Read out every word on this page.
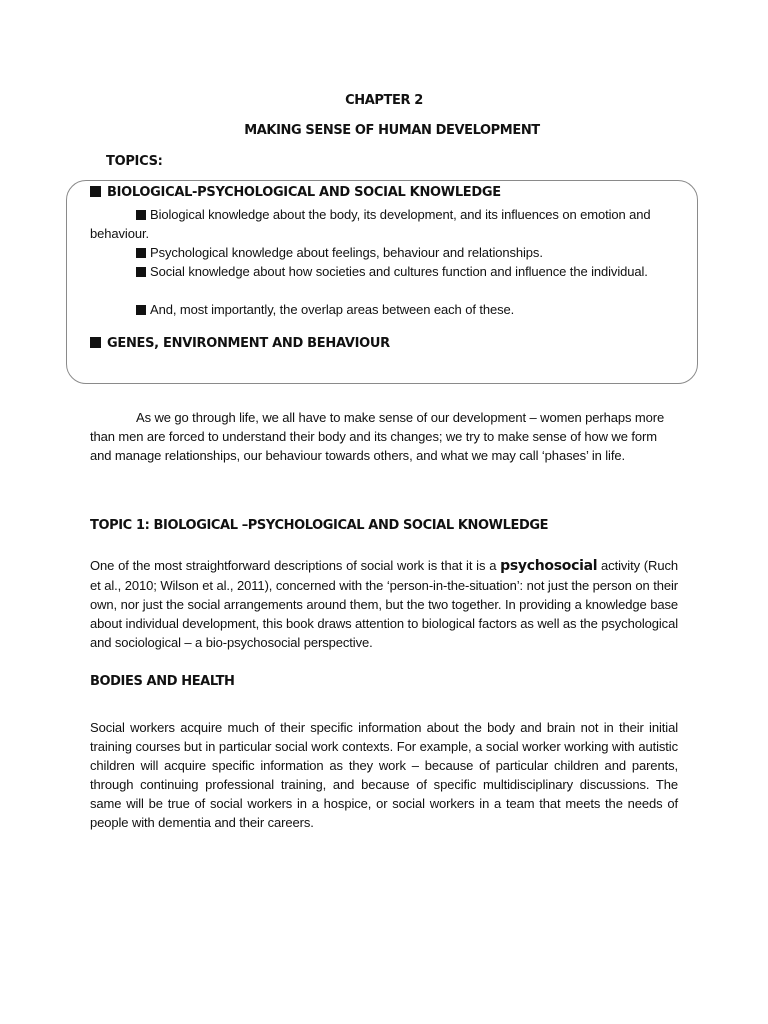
CHAPTER 2
MAKING SENSE OF HUMAN DEVELOPMENT
TOPICS:
BIOLOGICAL-PSYCHOLOGICAL AND SOCIAL KNOWLEDGE
Biological knowledge about the body, its development, and its influences on emotion and behaviour.
Psychological knowledge about feelings, behaviour and relationships.
Social knowledge about how societies and cultures function and influence the individual.
And, most importantly, the overlap areas between each of these.
GENES, ENVIRONMENT AND BEHAVIOUR
As we go through life, we all have to make sense of our development – women perhaps more than men are forced to understand their body and its changes; we try to make sense of how we form and manage relationships, our behaviour towards others, and what we may call ‘phases’ in life.
TOPIC 1: BIOLOGICAL –PSYCHOLOGICAL AND SOCIAL KNOWLEDGE
One of the most straightforward descriptions of social work is that it is a psychosocial activity (Ruch et al., 2010; Wilson et al., 2011), concerned with the ‘person-in-the-situation’: not just the person on their own, nor just the social arrangements around them, but the two together. In providing a knowledge base about individual development, this book draws attention to biological factors as well as the psychological and sociological – a bio-psychosocial perspective.
BODIES AND HEALTH
Social workers acquire much of their specific information about the body and brain not in their initial training courses but in particular social work contexts. For example, a social worker working with autistic children will acquire specific information as they work – because of particular children and parents, through continuing professional training, and because of specific multidisciplinary discussions. The same will be true of social workers in a hospice, or social workers in a team that meets the needs of people with dementia and their careers.
